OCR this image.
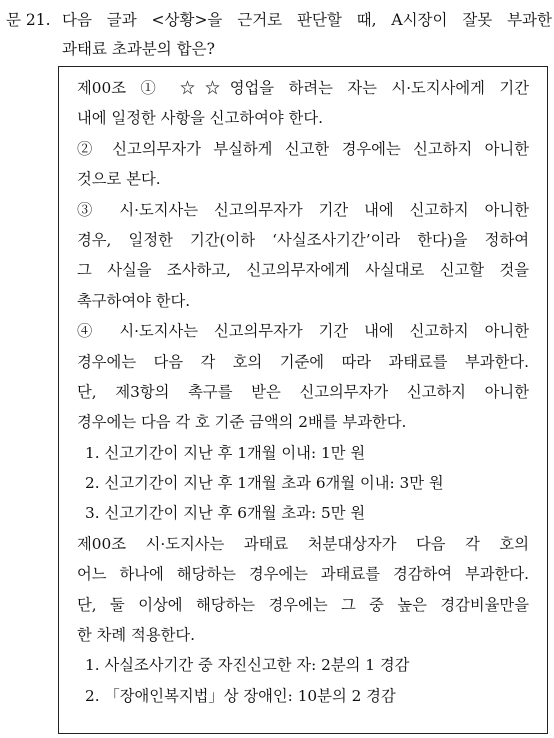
문 21. 다음 글과 <상황>을 근거로 판단할 때, A시장이 잘못 부과한
과태료 초과분의 합은?
제00조 ① ☆☆영업을 하려는 자는 시·도지사에게 기간
내에 일정한 사항을 신고하여야 한다.
② 신고의무자가 부실하게 신고한 경우에는 신고하지 아니한
것으로 본다.
③ 시·도지사는 신고의무자가 기간 내에 신고하지 아니한
경우, 일정한 기간(이하 ‘사실조사기간’이라 한다)을 정하여
그 사실을 조사하고, 신고의무자에게 사실대로 신고할 것을
촉구하여야 한다.
④ 시·도지사는 신고의무자가 기간 내에 신고하지 아니한
경우에는 다음 각 호의 기준에 따라 과태료를 부과한다.
단, 제3항의 촉구를 받은 신고의무자가 신고하지 아니한
경우에는 다음 각 호 기준 금액의 2배를 부과한다.
1. 신고기간이 지난 후 1개월 이내: 1만 원
2. 신고기간이 지난 후 1개월 초과 6개월 이내: 3만 원
3. 신고기간이 지난 후 6개월 초과: 5만 원
제00조 시·도지사는 과태료 처분대상자가 다음 각 호의
어느 하나에 해당하는 경우에는 과태료를 경감하여 부과한다.
단, 둘 이상에 해당하는 경우에는 그 중 높은 경감비율만을
한 차례 적용한다.
1. 사실조사기간 중 자진신고한 자: 2분의 1 경감
2. 「장애인복지법」상 장애인: 10분의 2 경감
